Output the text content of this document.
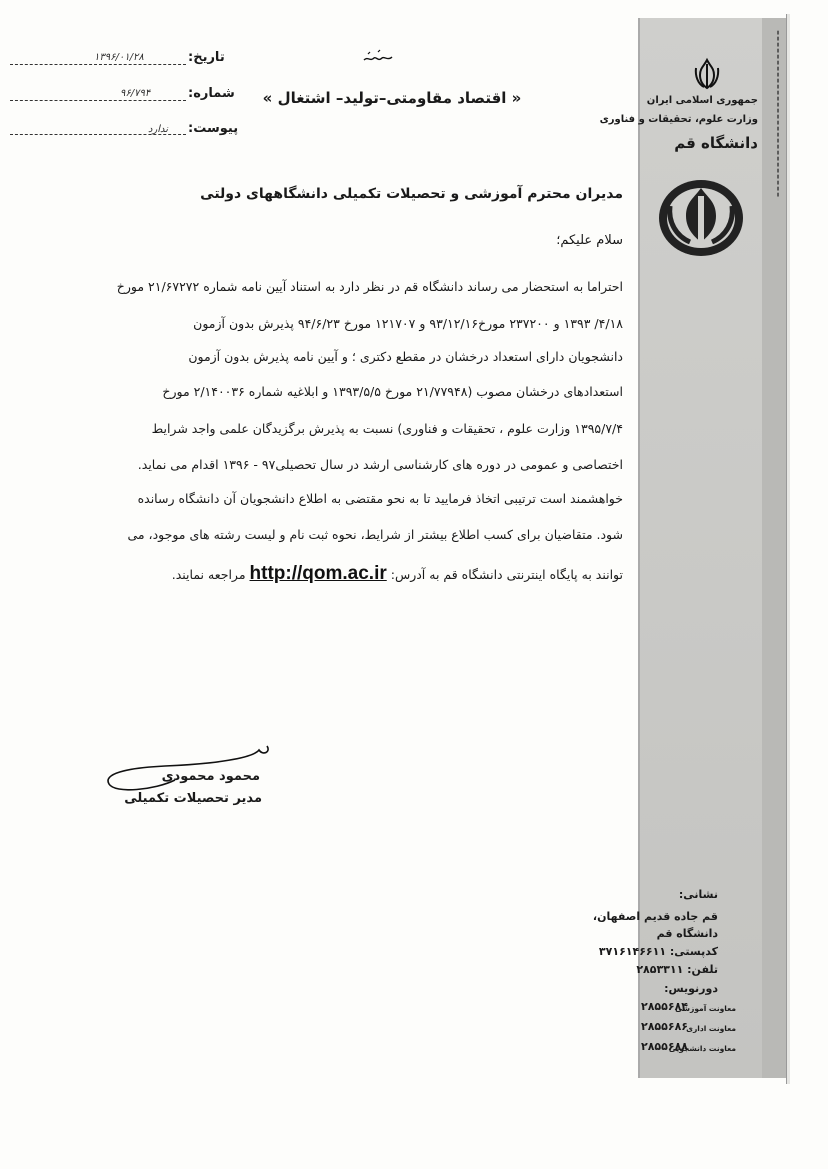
▮▮▮▮▮▮▮▮▮▮▮▮▮▮▮▮▮▮▮▮▮▮▮▮▮▮▮▮
جمهوری اسلامی ایران
وزارت علوم، تحقیقات و فناوری
دانشگاه قم
نشانی:
قم جاده قدیم اصفهان،
دانشگاه قم
کدپستی: ۳۷۱۶۱۴۶۶۱۱
تلفن: ۲۸۵۳۳۱۱
دورنویس:
معاونت آموزشی
۲۸۵۵۶۸۴
معاونت اداری
۲۸۵۵۶۸۶
معاونت دانشجویی
۲۸۵۵۶۸۸
تاریخ:
۱۳۹۶/۰۱/۲۸
شماره:
۹۶/۷۹۴
پیوست:
ندارد
« اقتصاد مقاومتی–تولید– اشتغال »
مدیران محترم آموزشی و تحصیلات تکمیلی دانشگاههای دولتی
سلام علیکم؛
احتراما به استحضار می رساند دانشگاه قم در نظر دارد به استناد آیین نامه شماره ۲۱/۶۷۲۷۲ مورخ
۴/۱۸/ ۱۳۹۳ و ۲۳۷۲۰۰ مورخ۹۳/۱۲/۱۶ و ۱۲۱۷۰۷ مورخ ۹۴/۶/۲۳ پذیرش بدون آزمون
دانشجویان دارای استعداد درخشان در مقطع دکتری ؛ و آیین نامه پذیرش بدون آزمون
استعدادهای درخشان مصوب (۲۱/۷۷۹۴۸ مورخ ۱۳۹۳/۵/۵ و ابلاغیه شماره ۲/۱۴۰۰۳۶ مورخ
۱۳۹۵/۷/۴ وزارت علوم ، تحقیقات و فناوری) نسبت به پذیرش برگزیدگان علمی واجد شرایط
اختصاصی و عمومی در دوره های کارشناسی ارشد در سال تحصیلی۹۷ - ۱۳۹۶ اقدام می نماید.
خواهشمند است ترتیبی اتخاذ فرمایید تا به نحو مقتضی به اطلاع دانشجویان آن دانشگاه رسانده
شود. متقاضیان برای کسب اطلاع بیشتر از شرایط، نحوه ثبت نام و لیست رشته های موجود، می
توانند به پایگاه اینترنتی دانشگاه قم به آدرس: http://qom.ac.ir مراجعه نمایند.
محمود محمودی
مدیر تحصیلات تکمیلی
